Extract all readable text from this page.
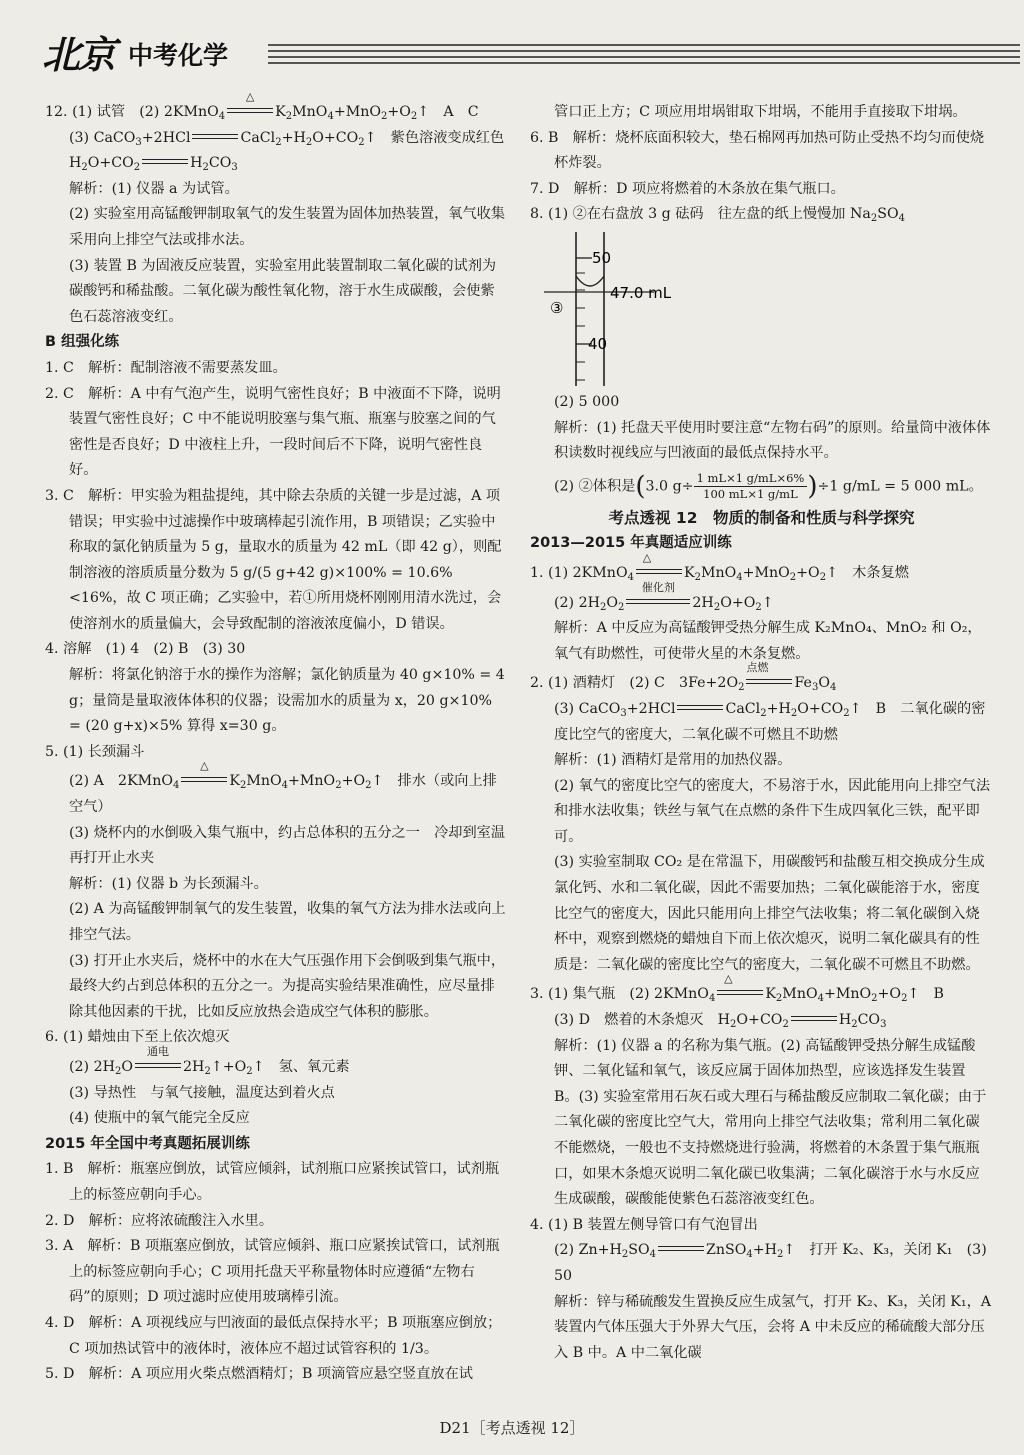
北京 中考化学

12. (1) 试管　(2) 2KMnO$_4$
△
$K_2MnO_4+MnO_2+O_2↑$　A　C

(3) CaCO$_3$+2HCl	$CaCl_2+H_2O+CO_2↑$　紫色溶液变成红色

$H_2O+CO_2$	$H_2CO_3$

解析：(1) 仪器 a 为试管。

(2) 实验室用高锰酸钾制取氧气的发生装置为固体加热装置，氧气收集采用向上排空气法或排水法。

(3) 装置 B 为固液反应装置，实验室用此装置制取二氧化碳的试剂为碳酸钙和稀盐酸。二氧化碳为酸性氧化物，溶于水生成碳酸，会使紫色石蕊溶液变红。

B 组强化练

1. C　解析：配制溶液不需要蒸发皿。

2. C　解析：A 中有气泡产生，说明气密性良好；B 中液面不下降，说明装置气密性良好；C 中不能说明胶塞与集气瓶、瓶塞与胶塞之间的气密性是否良好；D 中液柱上升，一段时间后不下降，说明气密性良好。

3. C　解析：甲实验为粗盐提纯，其中除去杂质的关键一步是过滤，A 项错误；甲实验中过滤操作中玻璃棒起引流作用，B 项错误；乙实验中称取的氯化钠质量为 5 g，量取水的质量为 42 mL（即 42 g），则配制溶液的溶质质量分数为 5 g/(5 g+42 g)×100% = 10.6% <16%，故 C 项正确；乙实验中，若①所用烧杯刚刚用清水洗过，会使溶剂水的质量偏大，会导致配制的溶液浓度偏小，D 错误。

4. 溶解　(1) 4　(2) B　(3) 30

解析：将氯化钠溶于水的操作为溶解；氯化钠质量为 40 g×10% = 4 g；量筒是量取液体体积的仪器；设需加水的质量为 x，20 g×10% = (20 g+x)×5% 算得 x=30 g。

5. (1) 长颈漏斗

(2) A　2KMnO$_4$
△
$K_2MnO_4+MnO_2+O_2↑$　排水（或向上排空气）

(3) 烧杯内的水倒吸入集气瓶中，约占总体积的五分之一　冷却到室温再打开止水夹

解析：(1) 仪器 b 为长颈漏斗。

(2) A 为高锰酸钾制氧气的发生装置，收集的氧气方法为排水法或向上排空气法。

(3) 打开止水夹后，烧杯中的水在大气压强作用下会倒吸到集气瓶中，最终大约占到总体积的五分之一。为提高实验结果准确性，应尽量排除其他因素的干扰，比如反应放热会造成空气体积的膨胀。

6. (1) 蜡烛由下至上依次熄灭

(2) $2H_2O$
通电
$2H_2↑+O_2↑$　氢、氧元素

(3) 导热性　与氧气接触，温度达到着火点

(4) 使瓶中的氧气能完全反应

2015 年全国中考真题拓展训练

1. B　解析：瓶塞应倒放，试管应倾斜，试剂瓶口应紧挨试管口，试剂瓶上的标签应朝向手心。

2. D　解析：应将浓硫酸注入水里。

3. A　解析：B 项瓶塞应倒放，试管应倾斜、瓶口应紧挨试管口，试剂瓶上的标签应朝向手心；C 项用托盘天平称量物体时应遵循“左物右码”的原则；D 项过滤时应使用玻璃棒引流。

4. D　解析：A 项视线应与凹液面的最低点保持水平；B 项瓶塞应倒放；C 项加热试管中的液体时，液体应不超过试管容积的 1/3。

5. D　解析：A 项应用火柴点燃酒精灯；B 项滴管应悬空竖直放在试

管口正上方；C 项应用坩埚钳取下坩埚，不能用手直接取下坩埚。

6. B　解析：烧杯底面积较大，垫石棉网再加热可防止受热不均匀而使烧杯炸裂。

7. D　解析：D 项应将燃着的木条放在集气瓶口。

8. (1) ②在右盘放 3 g 砝码　往左盘的纸上慢慢加 $Na_2SO_4$

50
47.0 mL
40
③

(2) 5 000

解析：(1) 托盘天平使用时要注意“左物右码”的原则。给量筒中液体体积读数时视线应与凹液面的最低点保持水平。

(2) ②体积是(3.0 $g\div \frac{1 mL\times 1 g/mL\times 6\%}{100 mL\times 1 g/mL} )\div 1$ g/mL = 5 000 mL。

考点透视 12　物质的制备和性质与科学探究

2013—2015 年真题适应训练

1. (1) 2KMnO$_4$
△
$K_2MnO_4+MnO_2+O_2↑$　木条复燃

(2) $2H_2O_2$
催化剂
$2H_2O+O_2↑$

解析：A 中反应为高锰酸钾受热分解生成 K₂MnO₄、MnO₂ 和 O₂，氧气有助燃性，可使带火星的木条复燃。

2. (1) 酒精灯　(2) C　$3Fe+2O_2$
点燃
$Fe_3O_4$

(3) CaCO$_3$+2HCl	$CaCl_2+H_2O+CO_2↑$　B　二氧化碳的密度比空气的密度大，二氧化碳不可燃且不助燃

解析：(1) 酒精灯是常用的加热仪器。

(2) 氧气的密度比空气的密度大，不易溶于水，因此能用向上排空气法和排水法收集；铁丝与氧气在点燃的条件下生成四氧化三铁，配平即可。

(3) 实验室制取 CO₂ 是在常温下，用碳酸钙和盐酸互相交换成分生成氯化钙、水和二氧化碳，因此不需要加热；二氧化碳能溶于水，密度比空气的密度大，因此只能用向上排空气法收集；将二氧化碳倒入烧杯中，观察到燃烧的蜡烛自下而上依次熄灭，说明二氧化碳具有的性质是：二氧化碳的密度比空气的密度大，二氧化碳不可燃且不助燃。

3. (1) 集气瓶　(2) 2KMnO$_4$
△
$K_2MnO_4+MnO_2+O_2↑$　B

(3) D　燃着的木条熄灭　$H_2O+CO_2$	$H_2CO_3$

解析：(1) 仪器 a 的名称为集气瓶。(2) 高锰酸钾受热分解生成锰酸钾、二氧化锰和氧气，该反应属于固体加热型，应该选择发生装置 B。(3) 实验室常用石灰石或大理石与稀盐酸反应制取二氧化碳；由于二氧化碳的密度比空气大，常用向上排空气法收集；常利用二氧化碳不能燃烧，一般也不支持燃烧进行验满，将燃着的木条置于集气瓶瓶口，如果木条熄灭说明二氧化碳已收集满；二氧化碳溶于水与水反应生成碳酸，碳酸能使紫色石蕊溶液变红色。

4. (1) B 装置左侧导管口有气泡冒出

(2) $Zn+H_2SO_4$	$ZnSO_4+H_2↑$　打开 K₂、K₃，关闭 K₁　(3) 50

解析：锌与稀硫酸发生置换反应生成氢气，打开 K₂、K₃，关闭 K₁，A 装置内气体压强大于外界大气压，会将 A 中未反应的稀硫酸大部分压入 B 中。A 中二氧化碳

D21［考点透视 12］
